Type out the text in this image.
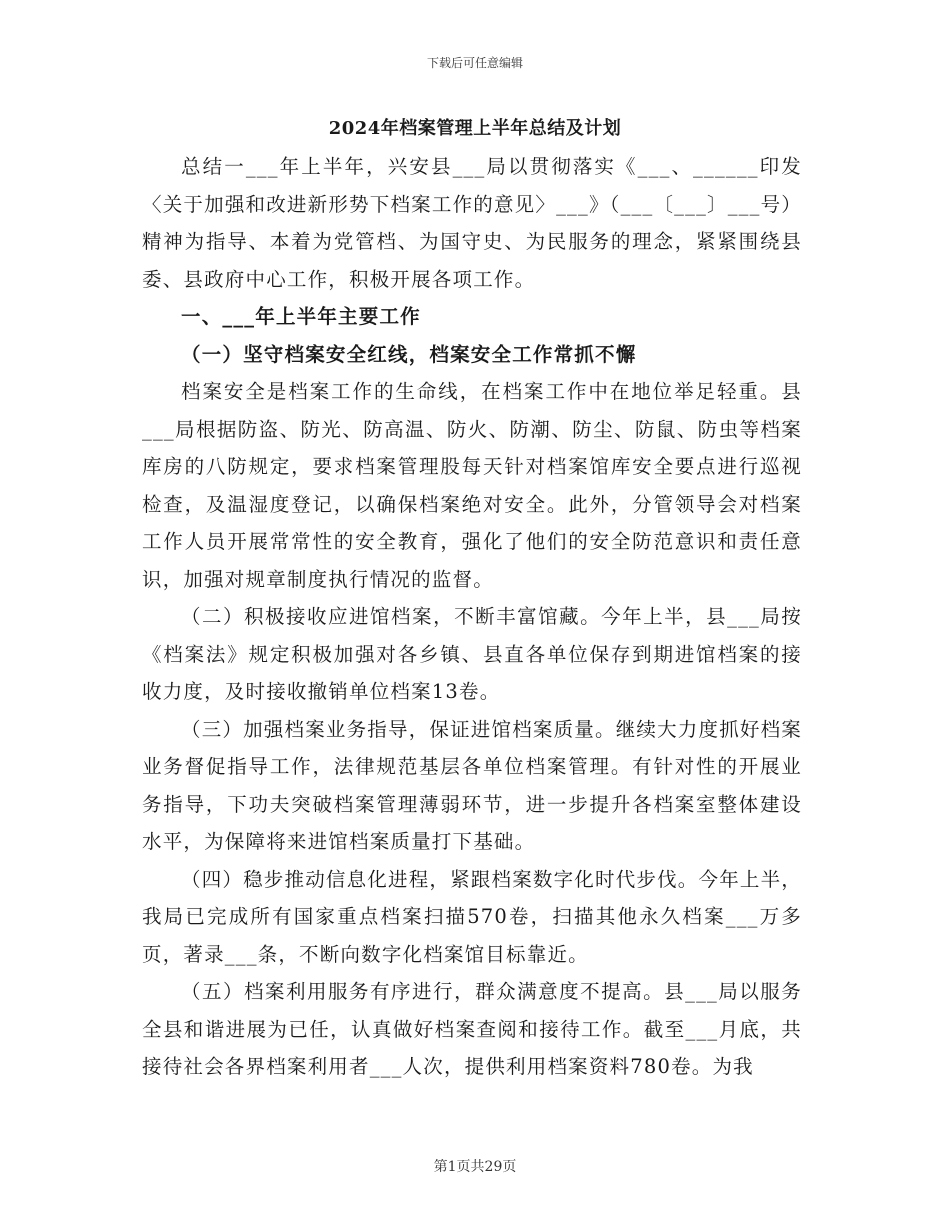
下载后可任意编辑
2024年档案管理上半年总结及计划

总结一___年上半年，兴安县___局以贯彻落实《___、______印发〈关于加强和改进新形势下档案工作的意见〉___》（___〔___〕___号）精神为指导、本着为党管档、为国守史、为民服务的理念，紧紧围绕县委、县政府中心工作，积极开展各项工作。

一、___年上半年主要工作

（一）坚守档案安全红线，档案安全工作常抓不懈

档案安全是档案工作的生命线，在档案工作中在地位举足轻重。县___局根据防盗、防光、防高温、防火、防潮、防尘、防鼠、防虫等档案库房的八防规定，要求档案管理股每天针对档案馆库安全要点进行巡视检查，及温湿度登记，以确保档案绝对安全。此外，分管领导会对档案工作人员开展常常性的安全教育，强化了他们的安全防范意识和责任意识，加强对规章制度执行情况的监督。

（二）积极接收应进馆档案，不断丰富馆藏。今年上半，县___局按《档案法》规定积极加强对各乡镇、县直各单位保存到期进馆档案的接收力度，及时接收撤销单位档案13卷。

（三）加强档案业务指导，保证进馆档案质量。继续大力度抓好档案业务督促指导工作，法律规范基层各单位档案管理。有针对性的开展业务指导，下功夫突破档案管理薄弱环节，进一步提升各档案室整体建设水平，为保障将来进馆档案质量打下基础。

（四）稳步推动信息化进程，紧跟档案数字化时代步伐。今年上半，我局已完成所有国家重点档案扫描570卷，扫描其他永久档案___万多页，著录___条，不断向数字化档案馆目标靠近。

（五）档案利用服务有序进行，群众满意度不提高。县___局以服务全县和谐进展为已任，认真做好档案查阅和接待工作。截至___月底，共接待社会各界档案利用者___人次，提供利用档案资料780卷。为我

第1页共29页
